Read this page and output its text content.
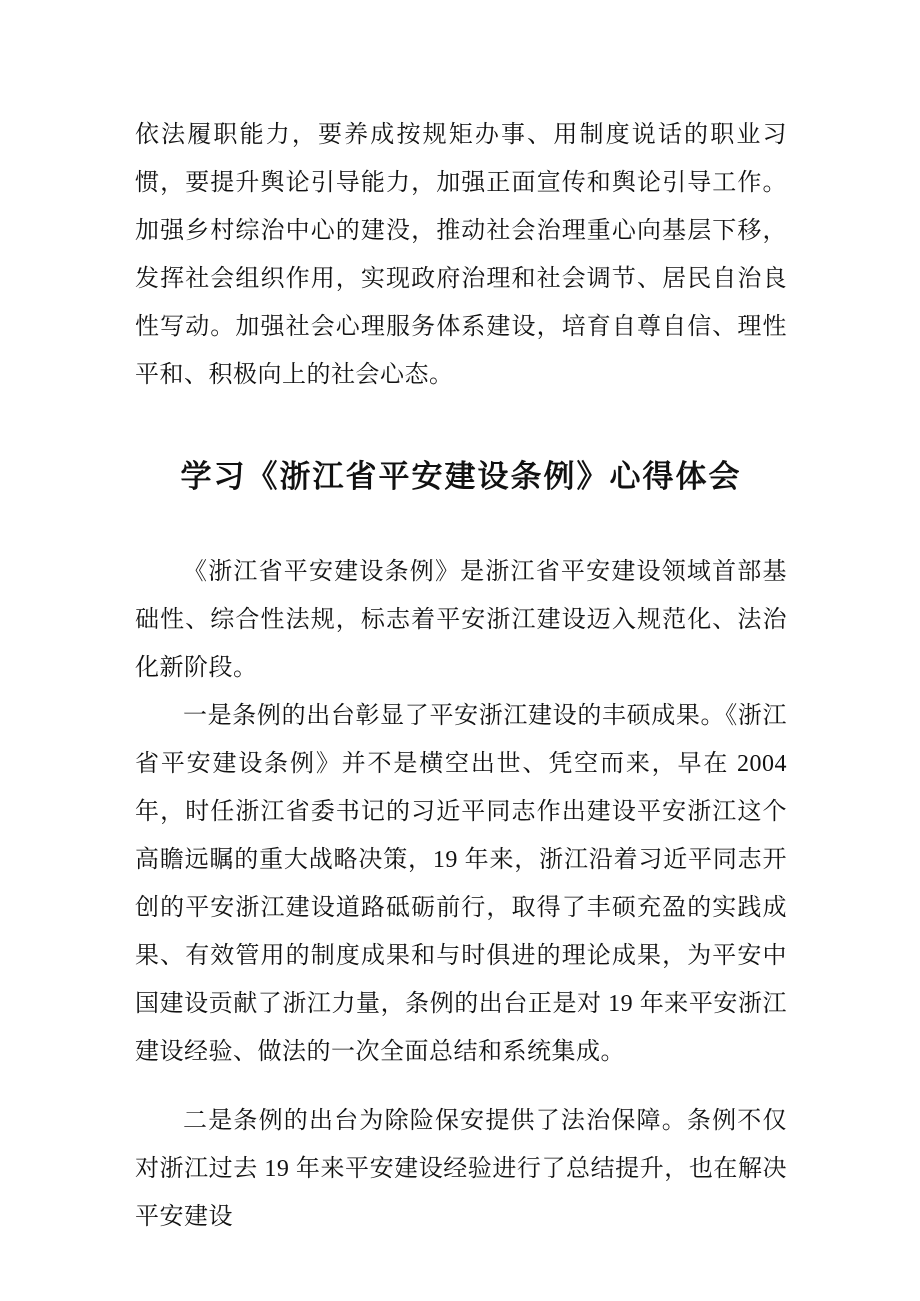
依法履职能力，要养成按规矩办事、用制度说话的职业习惯，要提升舆论引导能力，加强正面宣传和舆论引导工作。加强乡村综治中心的建没，推动社会治理重心向基层下移，发挥社会组织作用，实现政府治理和社会调节、居民自治良性写动。加强社会心理服务体系建设，培育自尊自信、理性平和、积极向上的社会心态。

学习《浙江省平安建设条例》心得体会

《浙江省平安建设条例》是浙江省平安建设领域首部基础性、综合性法规，标志着平安浙江建设迈入规范化、法治化新阶段。

一是条例的出台彰显了平安浙江建设的丰硕成果。《浙江省平安建设条例》并不是横空出世、凭空而来，早在 2004 年，时任浙江省委书记的习近平同志作出建设平安浙江这个高瞻远瞩的重大战略决策，19 年来，浙江沿着习近平同志开创的平安浙江建设道路砥砺前行，取得了丰硕充盈的实践成果、有效管用的制度成果和与时俱进的理论成果，为平安中国建设贡献了浙江力量，条例的出台正是对 19 年来平安浙江建设经验、做法的一次全面总结和系统集成。

二是条例的出台为除险保安提供了法治保障。条例不仅对浙江过去 19 年来平安建设经验进行了总结提升，也在解决平安建设
